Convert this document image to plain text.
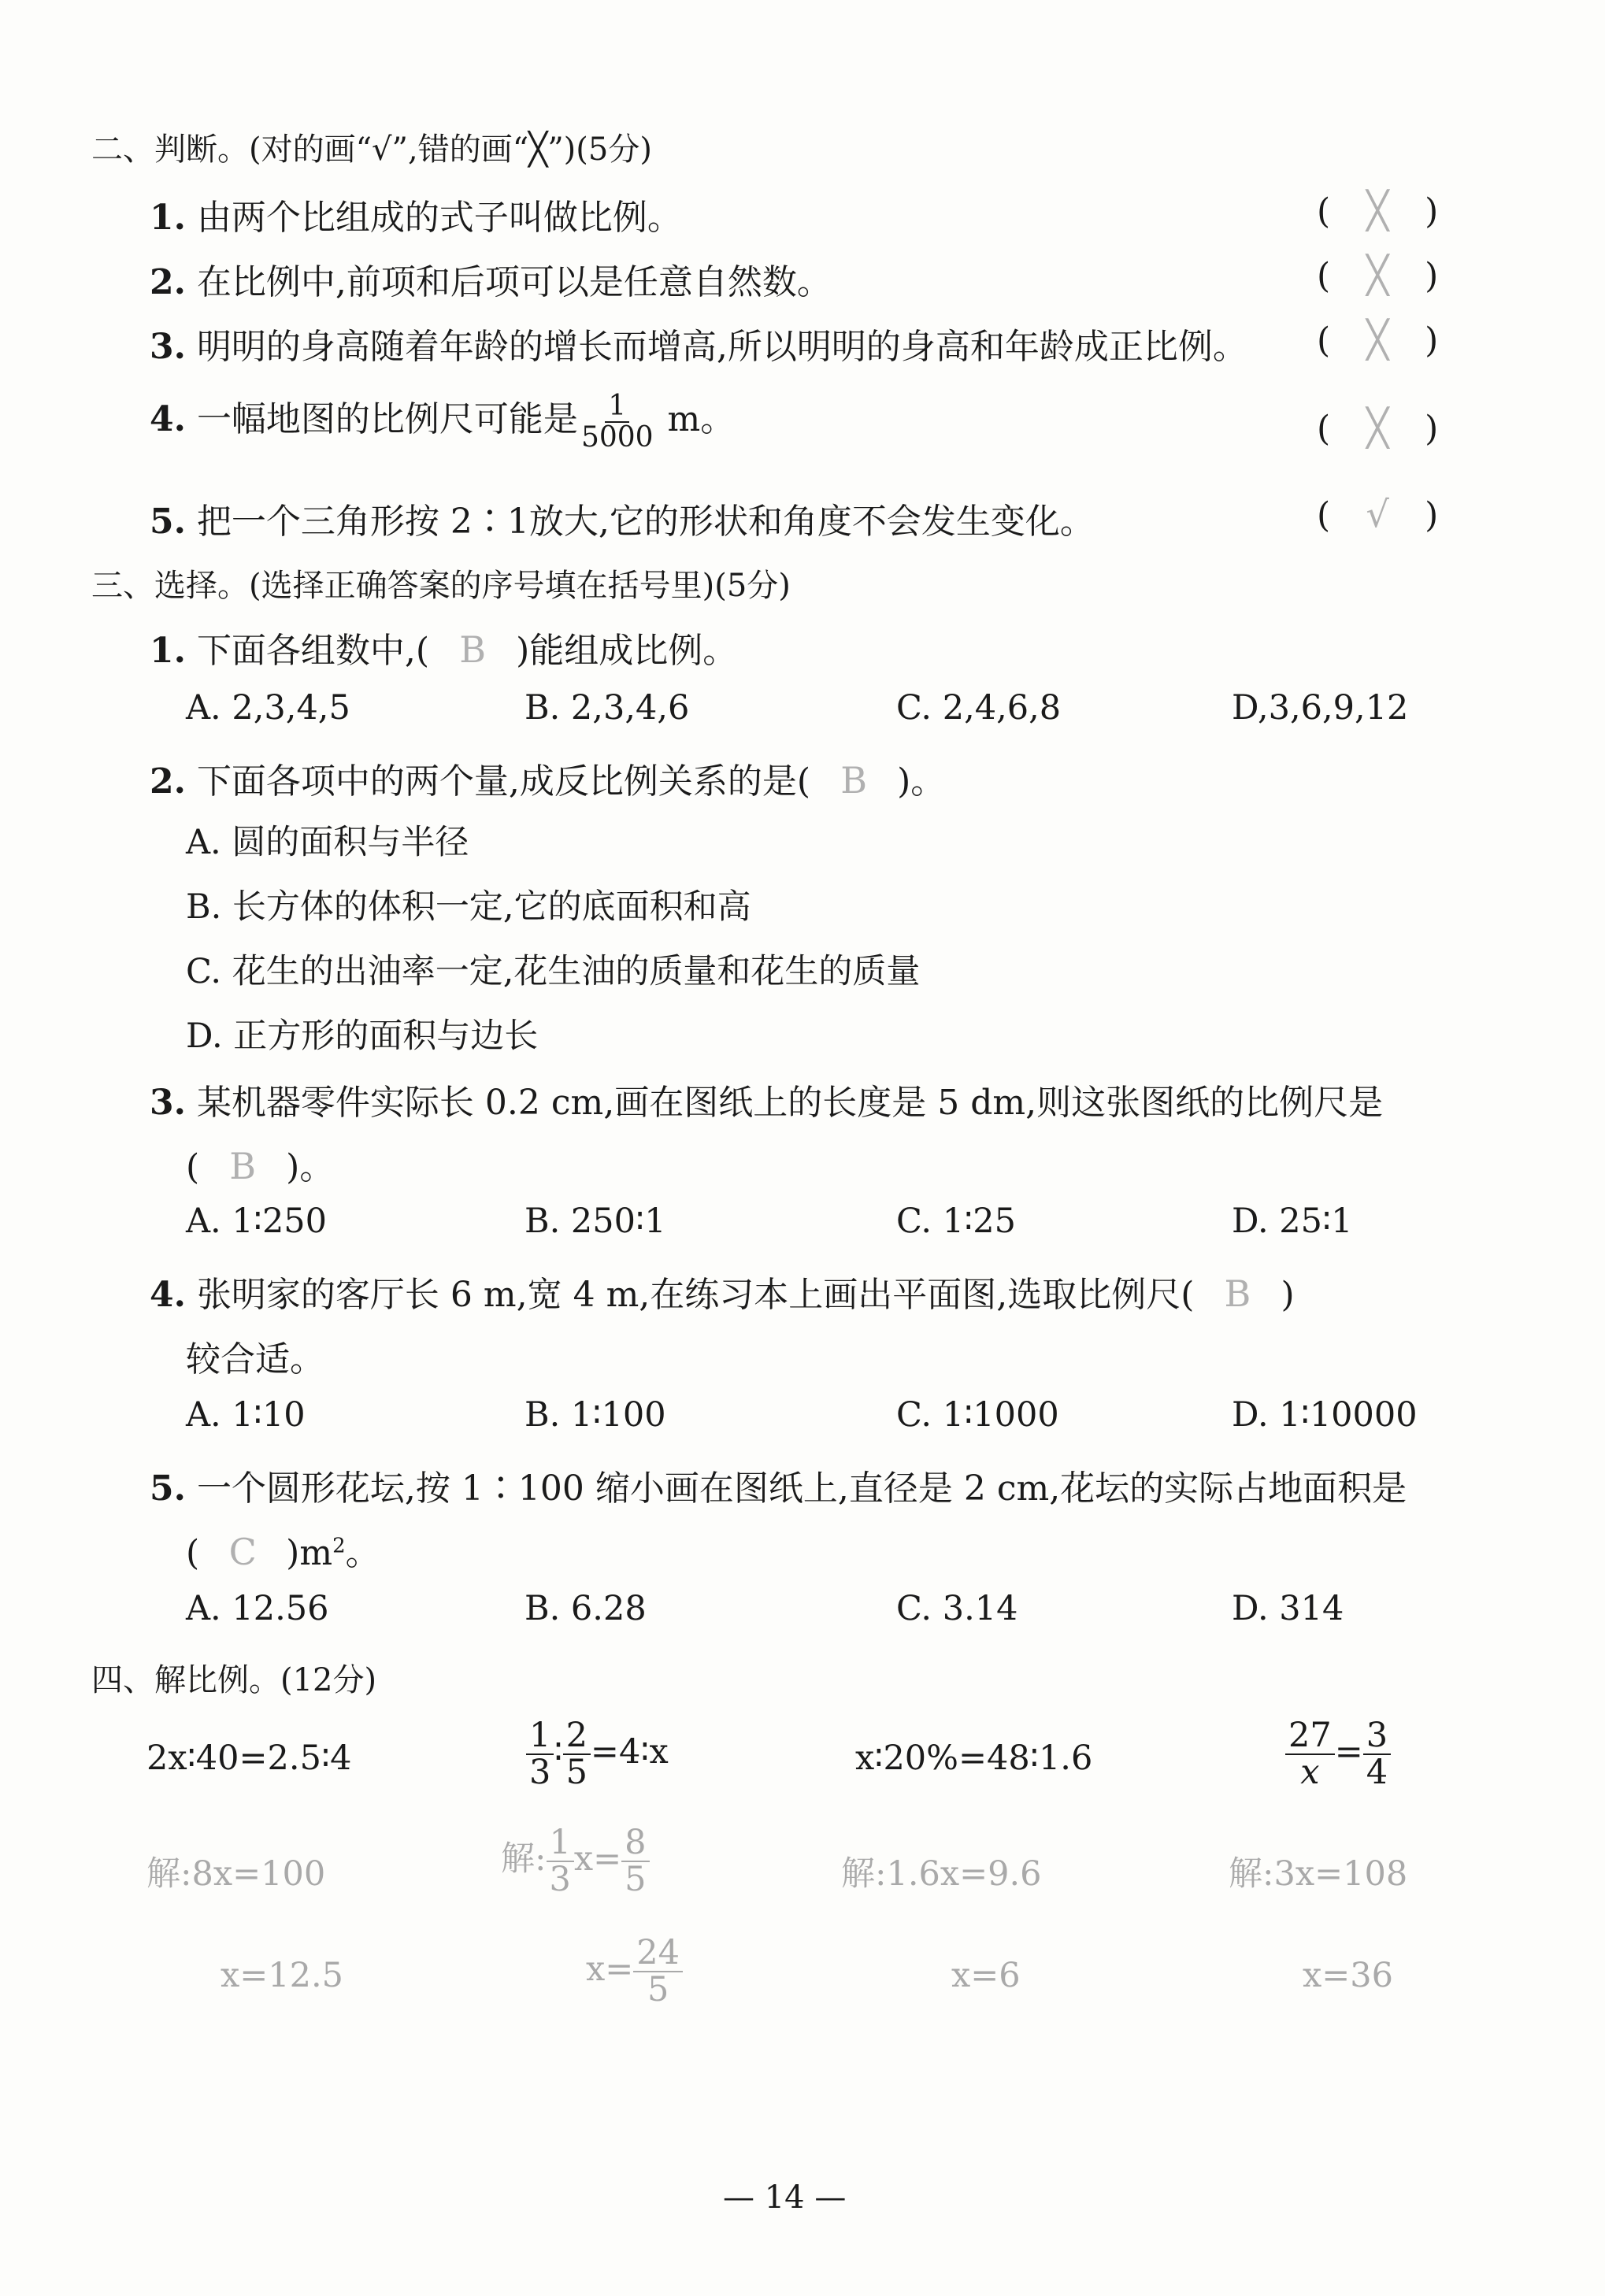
二、判断。(对的画“√”,错的画“╳”)(5分)
1. 由两个比组成的式子叫做比例。	( ╳ )
2. 在比例中,前项和后项可以是任意自然数。	( ╳ )
3. 明明的身高随着年龄的增长而增高,所以明明的身高和年龄成正比例。 ( ╳ )
4. 一幅地图的比例尺可能是 $\frac{1}{5000}$ m。	( ╳ )
5. 把一个三角形按 2∶1放大,它的形状和角度不会发生变化。	( √ )
三、选择。(选择正确答案的序号填在括号里)(5分)
1. 下面各组数中,( B )能组成比例。
A. 2,3,4,5	B. 2,3,4,6	C. 2,4,6,8	D,3,6,9,12
2. 下面各项中的两个量,成反比例关系的是( B )。
A. 圆的面积与半径
B. 长方体的体积一定,它的底面积和高
C. 花生的出油率一定,花生油的质量和花生的质量
D. 正方形的面积与边长
3. 某机器零件实际长 0.2 cm,画在图纸上的长度是 5 dm,则这张图纸的比例尺是
( B )。
A. 1∶250	B. 250∶1	C. 1∶25	D. 25∶1
4. 张明家的客厅长 6 m,宽 4 m,在练习本上画出平面图,选取比例尺( B )
较合适。
A. 1∶10	B. 1∶100	C. 1∶1000	D. 1∶10000
5. 一个圆形花坛,按 1∶100 缩小画在图纸上,直径是 2 cm,花坛的实际占地面积是
( C )$m^2$。
A. 12.56	B. 6.28	C. 3.14	D. 314
四、解比例。(12分)
2x∶40=2.5∶4
解:8x=100
x=12.5
$\frac{1}{3}$ ∶ $\frac{2}{5}$ =4∶x
解: $\frac{1}{3} x= \frac{8}{5}$
$x= \frac{24}{5}$
x∶20%=48∶1.6
解:1.6x=9.6
x=6
$\frac{27}{x} = \frac{3}{4}$
解:3x=108
x=36
— 14 —
